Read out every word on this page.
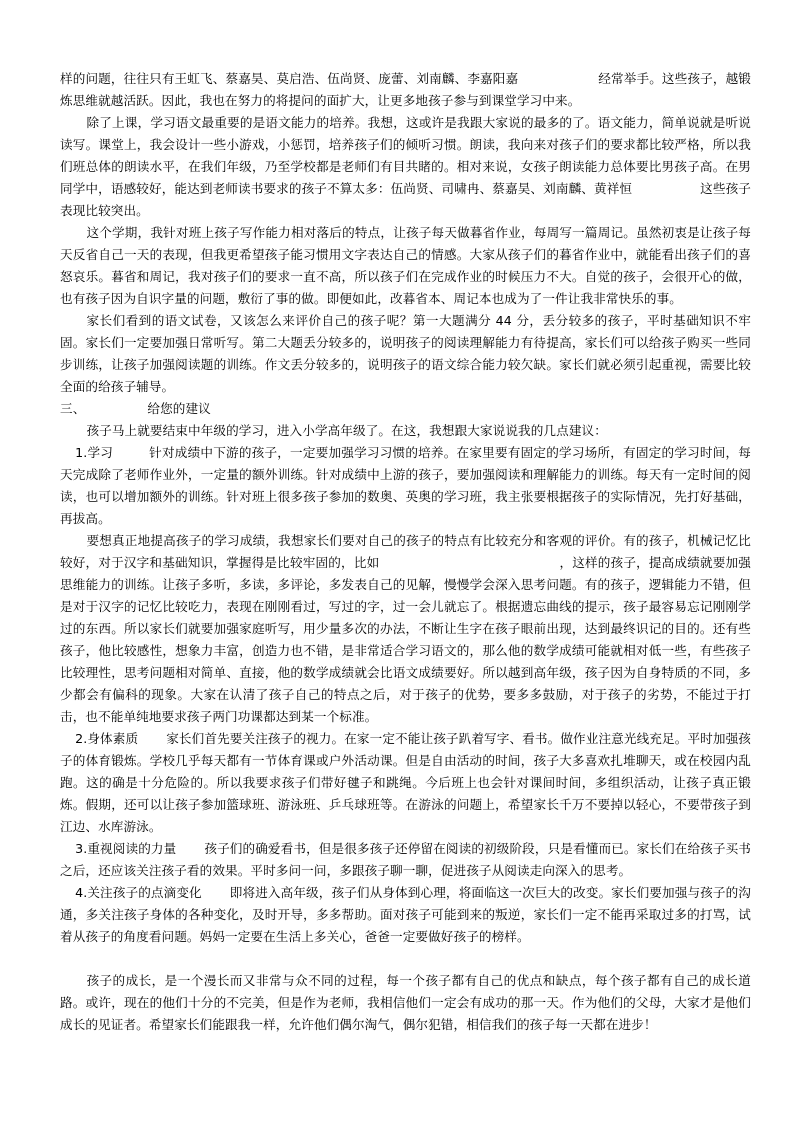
样的问题，往往只有王虹飞、蔡嘉昊、莫启浩、伍尚贤、庞蕾、刘南麟、李嘉阳嘉	经常举手。这些孩子，越锻炼思维就越活跃。因此，我也在努力的将提问的面扩大，让更多地孩子参与到课堂学习中来。

除了上课，学习语文最重要的是语文能力的培养。我想，这或许是我跟大家说的最多的了。语文能力，简单说就是听说读写。课堂上，我会设计一些小游戏，小惩罚，培养孩子们的倾听习惯。朗读，我向来对孩子们的要求都比较严格，所以我们班总体的朗读水平，在我们年级，乃至学校都是老师们有目共睹的。相对来说，女孩子朗读能力总体要比男孩子高。在男同学中，语感较好，能达到老师读书要求的孩子不算太多：伍尚贤、司啸冉、蔡嘉昊、刘南麟、黄祥恒	这些孩子表现比较突出。

这个学期，我针对班上孩子写作能力相对落后的特点，让孩子每天做暮省作业，每周写一篇周记。虽然初衷是让孩子每天反省自己一天的表现，但我更希望孩子能习惯用文字表达自己的情感。大家从孩子们的暮省作业中，就能看出孩子们的喜怒哀乐。暮省和周记，我对孩子们的要求一直不高，所以孩子们在完成作业的时候压力不大。自觉的孩子，会很开心的做，也有孩子因为自识字量的问题，敷衍了事的做。即便如此，改暮省本、周记本也成为了一件让我非常快乐的事。

家长们看到的语文试卷，又该怎么来评价自己的孩子呢？第一大题满分 44 分，丢分较多的孩子，平时基础知识不牢固。家长们一定要加强日常听写。第二大题丢分较多的，说明孩子的阅读理解能力有待提高，家长们可以给孩子购买一些同步训练，让孩子加强阅读题的训练。作文丢分较多的，说明孩子的语文综合能力较欠缺。家长们就必须引起重视，需要比较全面的给孩子辅导。

三、	给您的建议

孩子马上就要结束中年级的学习，进入小学高年级了。在这，我想跟大家说说我的几点建议：

1.学习	针对成绩中下游的孩子，一定要加强学习习惯的培养。在家里要有固定的学习场所，有固定的学习时间，每天完成除了老师作业外，一定量的额外训练。针对成绩中上游的孩子，要加强阅读和理解能力的训练。每天有一定时间的阅读，也可以增加额外的训练。针对班上很多孩子参加的数奥、英奥的学习班，我主张要根据孩子的实际情况，先打好基础，再拔高。

要想真正地提高孩子的学习成绩，我想家长们要对自己的孩子的特点有比较充分和客观的评价。有的孩子，机械记忆比较好，对于汉字和基础知识，掌握得是比较牢固的，比如	，这样的孩子，提高成绩就要加强思维能力的训练。让孩子多听，多读，多评论，多发表自己的见解，慢慢学会深入思考问题。有的孩子，逻辑能力不错，但是对于汉字的记忆比较吃力，表现在刚刚看过，写过的字，过一会儿就忘了。根据遗忘曲线的提示，孩子最容易忘记刚刚学过的东西。所以家长们就要加强家庭听写，用少量多次的办法，不断让生字在孩子眼前出现，达到最终识记的目的。还有些孩子，他比较感性，想象力丰富，创造力也不错，是非常适合学习语文的，那么他的数学成绩可能就相对低一些，有些孩子比较理性，思考问题相对简单、直接，他的数学成绩就会比语文成绩要好。所以越到高年级，孩子因为自身特质的不同，多少都会有偏科的现象。大家在认清了孩子自己的特点之后，对于孩子的优势，要多多鼓励，对于孩子的劣势，不能过于打击，也不能单纯地要求孩子两门功课都达到某一个标准。

2.身体素质 家长们首先要关注孩子的视力。在家一定不能让孩子趴着写字、看书。做作业注意光线充足。平时加强孩子的体育锻炼。学校几乎每天都有一节体育课或户外活动课。但是自由活动的时间，孩子大多喜欢扎堆聊天，或在校园内乱跑。这的确是十分危险的。所以我要求孩子们带好毽子和跳绳。今后班上也会针对课间时间，多组织活动，让孩子真正锻炼。假期，还可以让孩子参加篮球班、游泳班、乒乓球班等。在游泳的问题上，希望家长千万不要掉以轻心，不要带孩子到江边、水库游泳。

3.重视阅读的力量 孩子们的确爱看书，但是很多孩子还停留在阅读的初级阶段，只是看懂而已。家长们在给孩子买书之后，还应该关注孩子看的效果。平时多问一问，多跟孩子聊一聊，促进孩子从阅读走向深入的思考。

4.关注孩子的点滴变化 即将进入高年级，孩子们从身体到心理，将面临这一次巨大的改变。家长们要加强与孩子的沟通，多关注孩子身体的各种变化，及时开导，多多帮助。面对孩子可能到来的叛逆，家长们一定不能再采取过多的打骂，试着从孩子的角度看问题。妈妈一定要在生活上多关心，爸爸一定要做好孩子的榜样。

孩子的成长，是一个漫长而又非常与众不同的过程，每一个孩子都有自己的优点和缺点，每个孩子都有自己的成长道路。或许，现在的他们十分的不完美，但是作为老师，我相信他们一定会有成功的那一天。作为他们的父母，大家才是他们成长的见证者。希望家长们能跟我一样，允许他们偶尔淘气，偶尔犯错，相信我们的孩子每一天都在进步！
